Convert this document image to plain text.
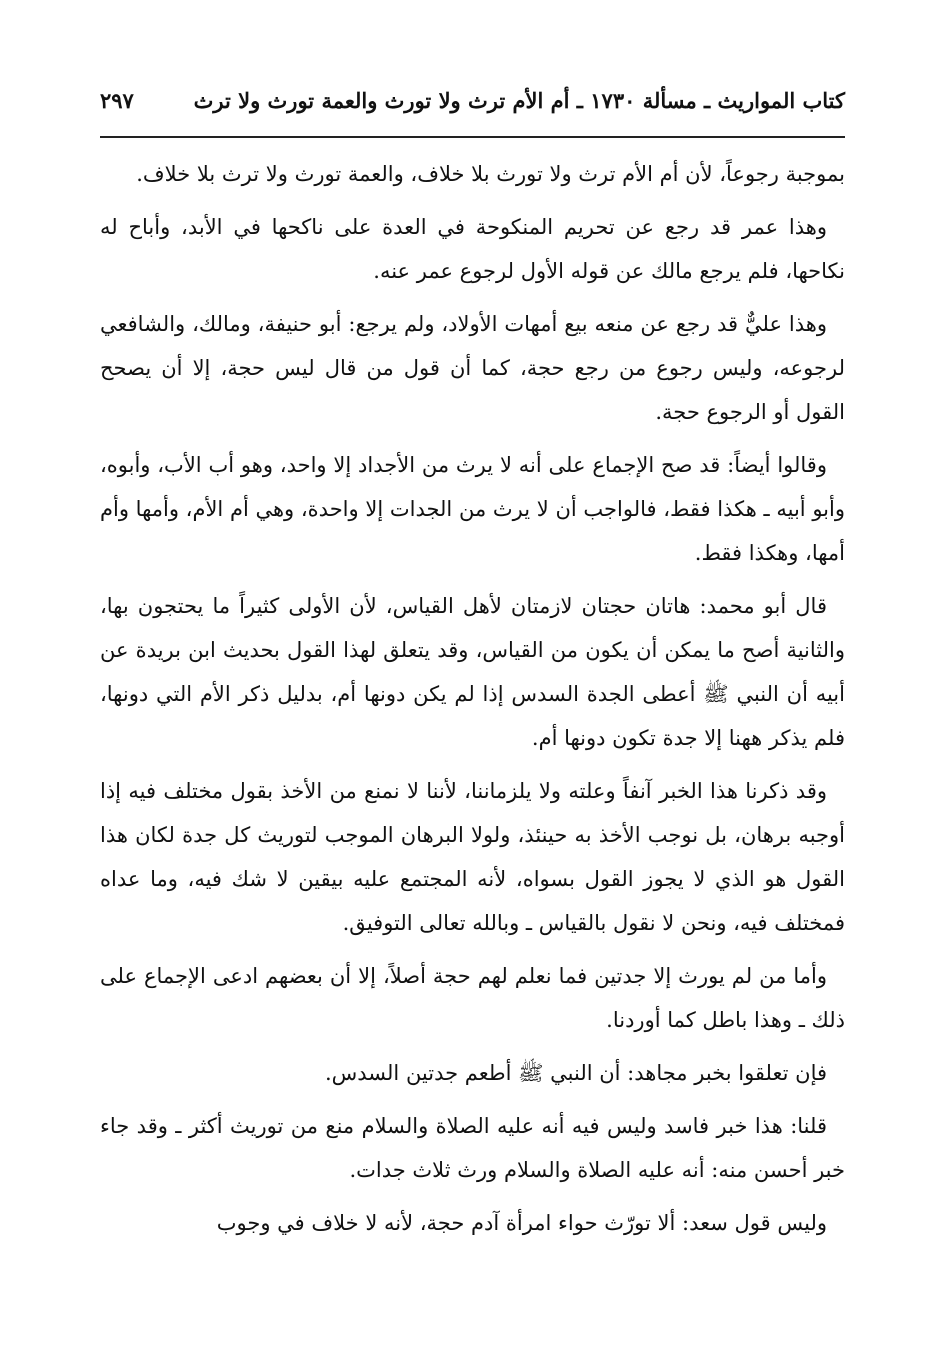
كتاب المواريث ـ مسألة ١٧٣٠ ـ أم الأم ترث ولا تورث والعمة تورث ولا ترث
٢٩٧

بموجبة رجوعاً، لأن أم الأم ترث ولا تورث بلا خلاف، والعمة تورث ولا ترث بلا خلاف.

وهذا عمر قد رجع عن تحريم المنكوحة في العدة على ناكحها في الأبد، وأباح له نكاحها، فلم يرجع مالك عن قوله الأول لرجوع عمر عنه.

وهذا عليٌّ قد رجع عن منعه بيع أمهات الأولاد، ولم يرجع: أبو حنيفة، ومالك، والشافعي لرجوعه، وليس رجوع من رجع حجة، كما أن قول من قال ليس حجة، إلا أن يصحح القول أو الرجوع حجة.

وقالوا أيضاً: قد صح الإجماع على أنه لا يرث من الأجداد إلا واحد، وهو أب الأب، وأبوه، وأبو أبيه ـ هكذا فقط، فالواجب أن لا يرث من الجدات إلا واحدة، وهي أم الأم، وأمها وأم أمها، وهكذا فقط.

قال أبو محمد: هاتان حجتان لازمتان لأهل القياس، لأن الأولى كثيراً ما يحتجون بها، والثانية أصح ما يمكن أن يكون من القياس، وقد يتعلق لهذا القول بحديث ابن بريدة عن أبيه أن النبي ﷺ أعطى الجدة السدس إذا لم يكن دونها أم، بدليل ذكر الأم التي دونها، فلم يذكر ههنا إلا جدة تكون دونها أم.

وقد ذكرنا هذا الخبر آنفاً وعلته ولا يلزماننا، لأننا لا نمنع من الأخذ بقول مختلف فيه إذا أوجبه برهان، بل نوجب الأخذ به حينئذ، ولولا البرهان الموجب لتوريث كل جدة لكان هذا القول هو الذي لا يجوز القول بسواه، لأنه المجتمع عليه بيقين لا شك فيه، وما عداه فمختلف فيه، ونحن لا نقول بالقياس ـ وبالله تعالى التوفيق.

وأما من لم يورث إلا جدتين فما نعلم لهم حجة أصلاً، إلا أن بعضهم ادعى الإجماع على ذلك ـ وهذا باطل كما أوردنا.

فإن تعلقوا بخبر مجاهد: أن النبي ﷺ أطعم جدتين السدس.

قلنا: هذا خبر فاسد وليس فيه أنه عليه الصلاة والسلام منع من توريث أكثر ـ وقد جاء خبر أحسن منه: أنه عليه الصلاة والسلام ورث ثلاث جدات.

وليس قول سعد: ألا تورّث حواء امرأة آدم حجة، لأنه لا خلاف في وجوب
